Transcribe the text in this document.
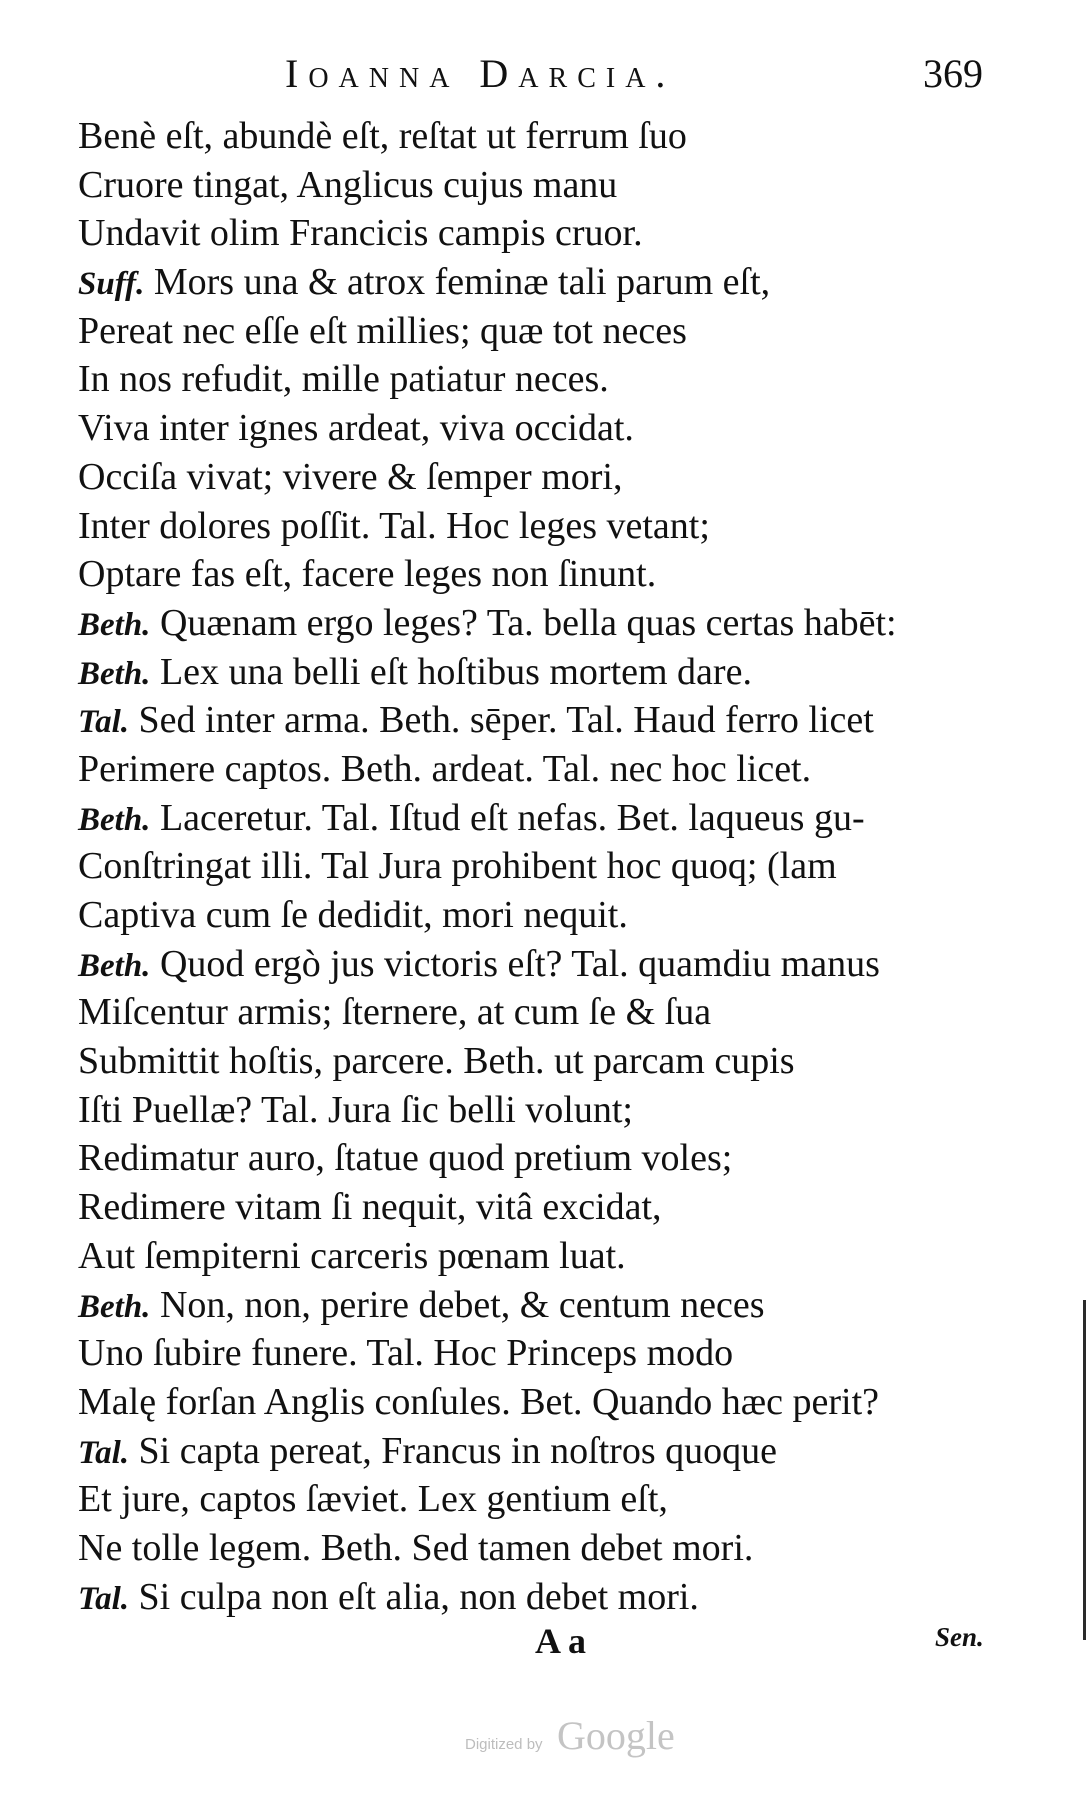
Ioanna Darcia.	369
Benè eſt, abundè eſt, reſtat ut ferrum ſuo
Cruore tingat, Anglicus cujus manu
Undavit olim Francicis campis cruor.
Suff. Mors una & atrox feminæ tali parum eſt,
Pereat nec eſſe eſt millies; quæ tot neces
In nos refudit, mille patiatur neces.
Viva inter ignes ardeat, viva occidat.
Occiſa vivat; vivere & ſemper mori,
Inter dolores poſſit. Tal. Hoc leges vetant;
Optare fas eſt, facere leges non ſinunt.
Beth. Quænam ergo leges? Ta. bella quas certas habēt:
Beth. Lex una belli eſt hoſtibus mortem dare.
Tal. Sed inter arma. Beth. sēper. Tal. Haud ferro licet
Perimere captos. Beth. ardeat. Tal. nec hoc licet.
Beth. Laceretur. Tal. Iſtud eſt nefas. Bet. laqueus gu-
Conſtringat illi. Tal Jura prohibent hoc quoq; (lam
Captiva cum ſe dedidit, mori nequit.
Beth. Quod ergò jus victoris eſt? Tal. quamdiu manus
Miſcentur armis; ſternere, at cum ſe & ſua
Submittit hoſtis, parcere. Beth. ut parcam cupis
Iſti Puellæ? Tal. Jura ſic belli volunt;
Redimatur auro, ſtatue quod pretium voles;
Redimere vitam ſi nequit, vitâ excidat,
Aut ſempiterni carceris pœnam luat.
Beth. Non, non, perire debet, & centum neces
Uno ſubire funere. Tal. Hoc Princeps modo
Malę forſan Anglis conſules. Bet. Quando hæc perit?
Tal. Si capta pereat, Francus in noſtros quoque
Et jure, captos ſæviet. Lex gentium eſt,
Ne tolle legem. Beth. Sed tamen debet mori.
Tal. Si culpa non eſt alia, non debet mori.
A a	Sen.
Digitized by Google
